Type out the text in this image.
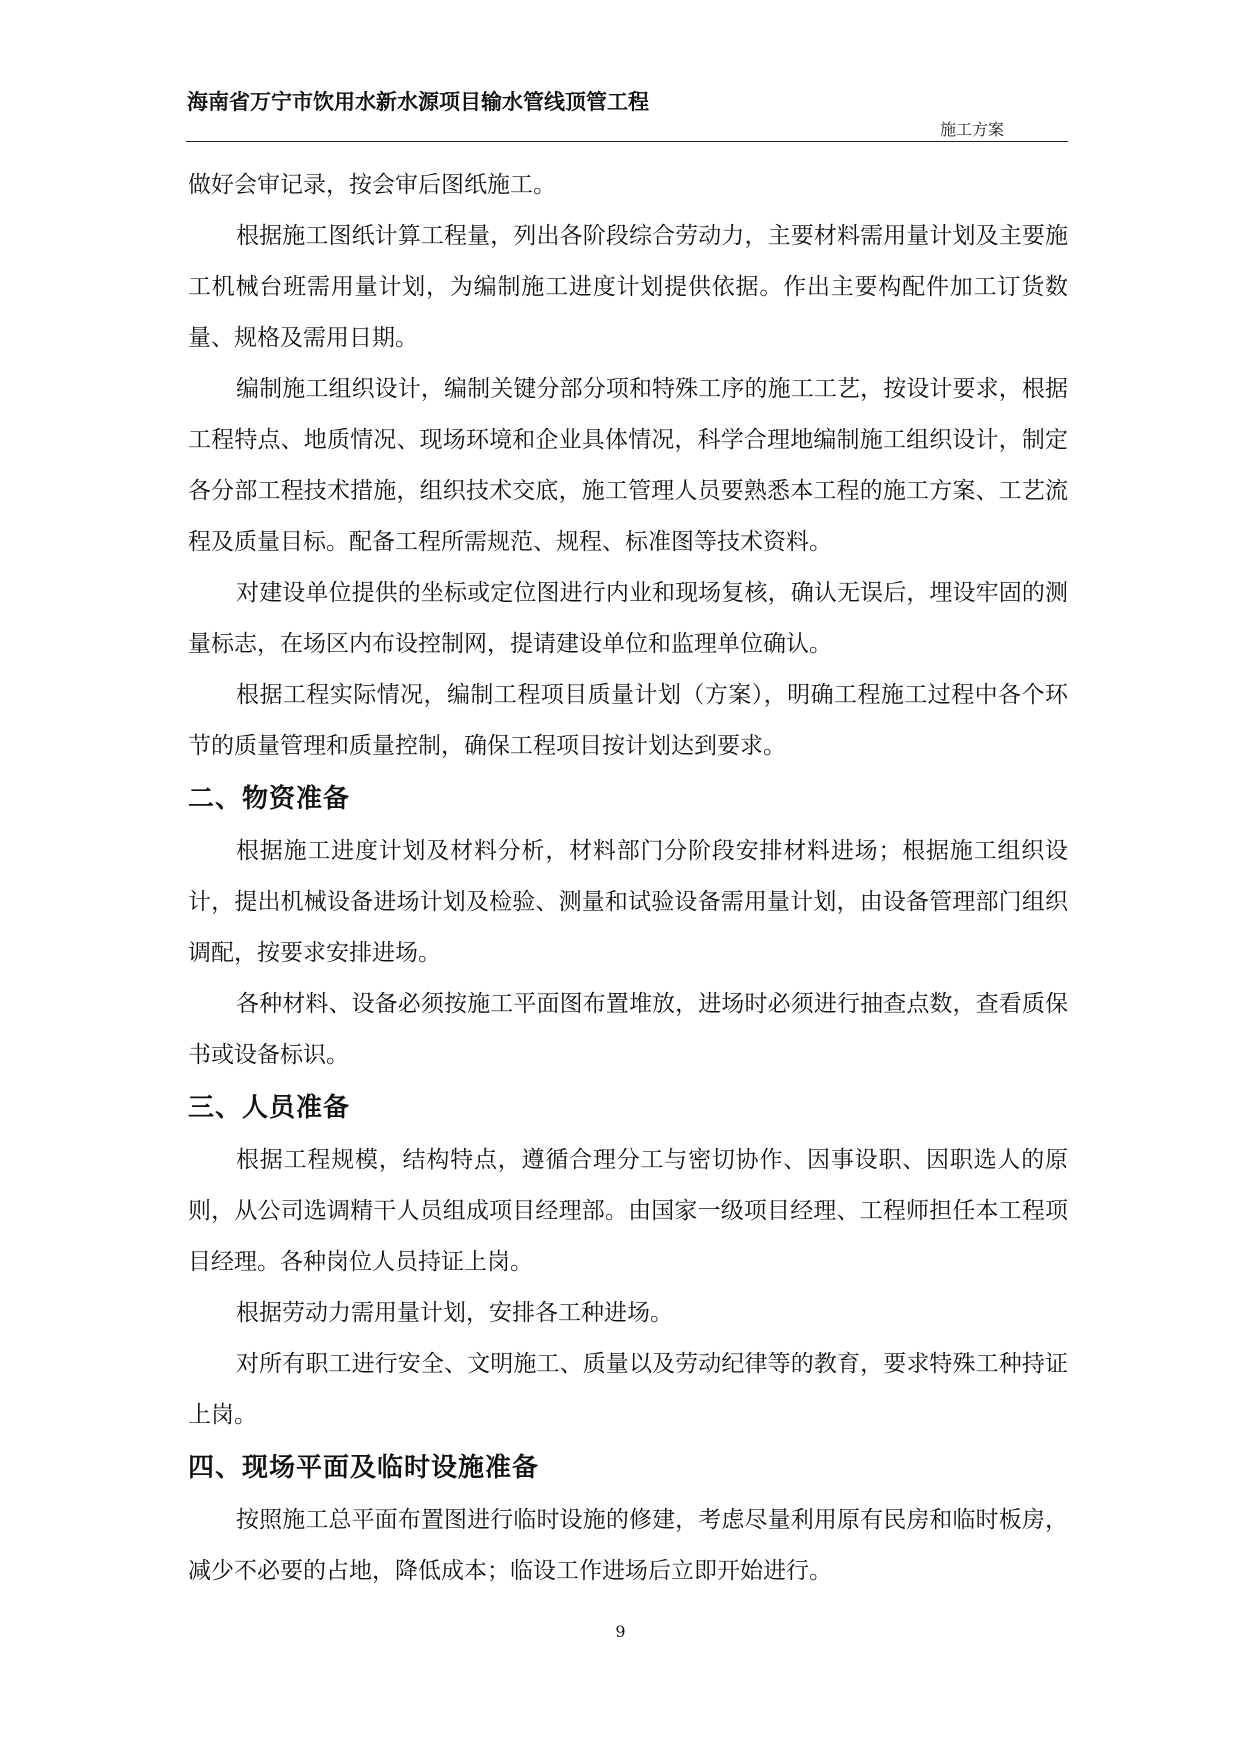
海南省万宁市饮用水新水源项目输水管线顶管工程
施工方案

做好会审记录，按会审后图纸施工。

根据施工图纸计算工程量，列出各阶段综合劳动力，主要材料需用量计划及主要施工机械台班需用量计划，为编制施工进度计划提供依据。作出主要构配件加工订货数量、规格及需用日期。

编制施工组织设计，编制关键分部分项和特殊工序的施工工艺，按设计要求，根据工程特点、地质情况、现场环境和企业具体情况，科学合理地编制施工组织设计，制定各分部工程技术措施，组织技术交底，施工管理人员要熟悉本工程的施工方案、工艺流程及质量目标。配备工程所需规范、规程、标准图等技术资料。

对建设单位提供的坐标或定位图进行内业和现场复核，确认无误后，埋设牢固的测量标志，在场区内布设控制网，提请建设单位和监理单位确认。

根据工程实际情况，编制工程项目质量计划（方案），明确工程施工过程中各个环节的质量管理和质量控制，确保工程项目按计划达到要求。

二、物资准备

根据施工进度计划及材料分析，材料部门分阶段安排材料进场；根据施工组织设计，提出机械设备进场计划及检验、测量和试验设备需用量计划，由设备管理部门组织调配，按要求安排进场。

各种材料、设备必须按施工平面图布置堆放，进场时必须进行抽查点数，查看质保书或设备标识。

三、人员准备

根据工程规模，结构特点，遵循合理分工与密切协作、因事设职、因职选人的原则，从公司选调精干人员组成项目经理部。由国家一级项目经理、工程师担任本工程项目经理。各种岗位人员持证上岗。

根据劳动力需用量计划，安排各工种进场。

对所有职工进行安全、文明施工、质量以及劳动纪律等的教育，要求特殊工种持证上岗。

四、现场平面及临时设施准备

按照施工总平面布置图进行临时设施的修建，考虑尽量利用原有民房和临时板房，减少不必要的占地，降低成本；临设工作进场后立即开始进行。

9
